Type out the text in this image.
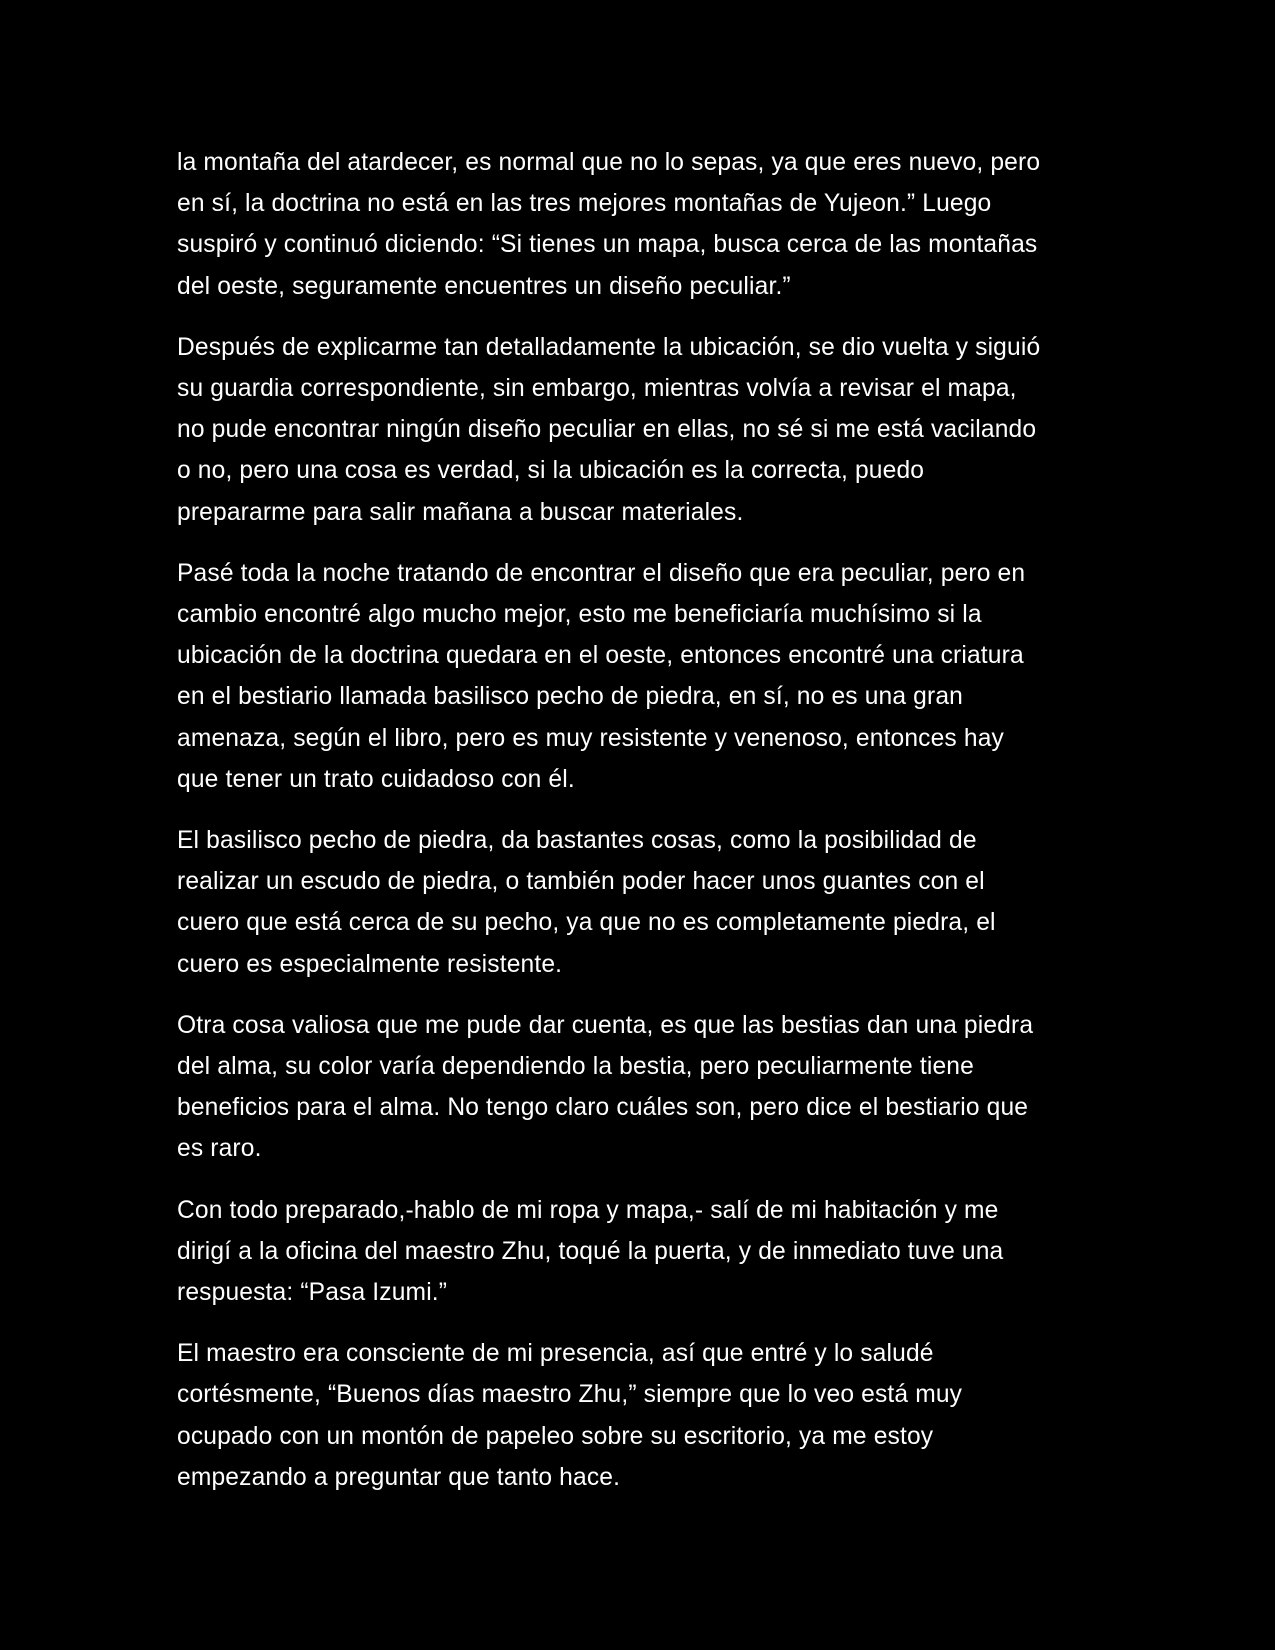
la montaña del atardecer, es normal que no lo sepas, ya que eres nuevo, pero
en sí, la doctrina no está en las tres mejores montañas de Yujeon.” Luego
suspiró y continuó diciendo: “Si tienes un mapa, busca cerca de las montañas
del oeste, seguramente encuentres un diseño peculiar.”

Después de explicarme tan detalladamente la ubicación, se dio vuelta y siguió
su guardia correspondiente, sin embargo, mientras volvía a revisar el mapa,
no pude encontrar ningún diseño peculiar en ellas, no sé si me está vacilando
o no, pero una cosa es verdad, si la ubicación es la correcta, puedo
prepararme para salir mañana a buscar materiales.

Pasé toda la noche tratando de encontrar el diseño que era peculiar, pero en
cambio encontré algo mucho mejor, esto me beneficiaría muchísimo si la
ubicación de la doctrina quedara en el oeste, entonces encontré una criatura
en el bestiario llamada basilisco pecho de piedra, en sí, no es una gran
amenaza, según el libro, pero es muy resistente y venenoso, entonces hay
que tener un trato cuidadoso con él.

El basilisco pecho de piedra, da bastantes cosas, como la posibilidad de
realizar un escudo de piedra, o también poder hacer unos guantes con el
cuero que está cerca de su pecho, ya que no es completamente piedra, el
cuero es especialmente resistente.

Otra cosa valiosa que me pude dar cuenta, es que las bestias dan una piedra
del alma, su color varía dependiendo la bestia, pero peculiarmente tiene
beneficios para el alma. No tengo claro cuáles son, pero dice el bestiario que
es raro.

Con todo preparado,-hablo de mi ropa y mapa,- salí de mi habitación y me
dirigí a la oficina del maestro Zhu, toqué la puerta, y de inmediato tuve una
respuesta: “Pasa Izumi.”

El maestro era consciente de mi presencia, así que entré y lo saludé
cortésmente, “Buenos días maestro Zhu,” siempre que lo veo está muy
ocupado con un montón de papeleo sobre su escritorio, ya me estoy
empezando a preguntar que tanto hace.
